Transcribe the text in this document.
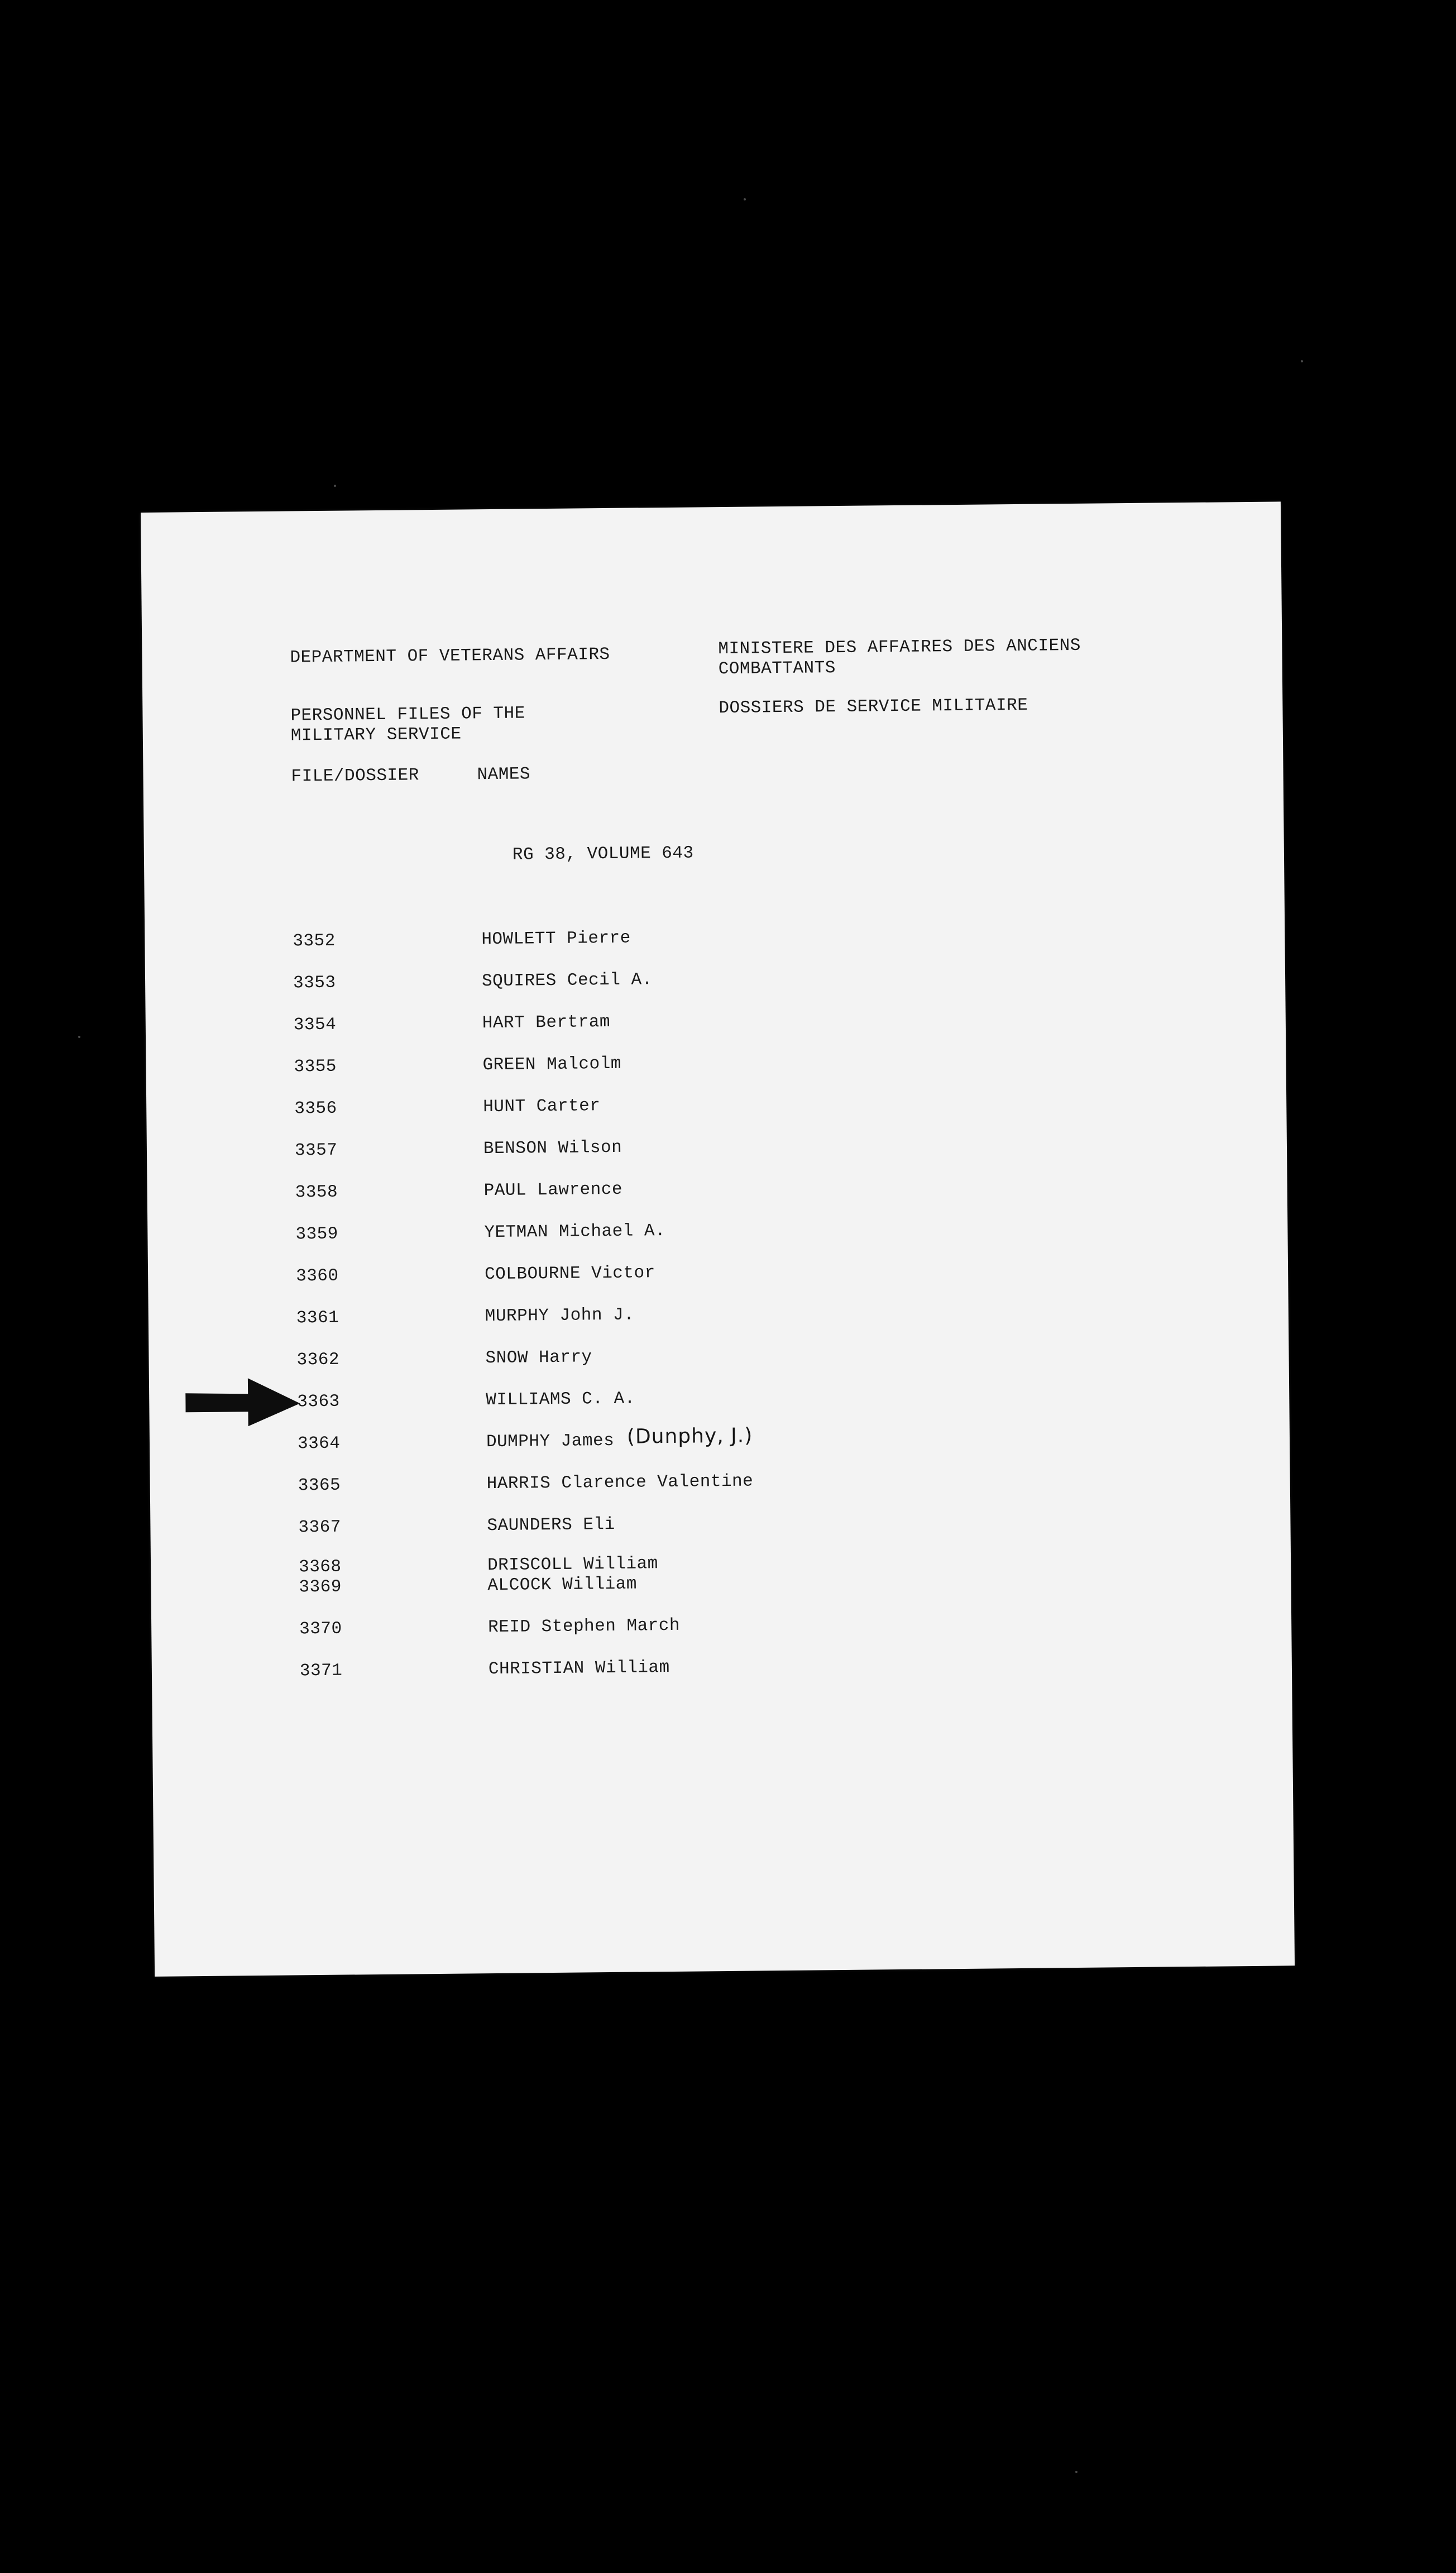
DEPARTMENT OF VETERANS AFFAIRS	MINISTERE DES AFFAIRES DES ANCIENS
COMBATTANTS
PERSONNEL FILES OF THE
MILITARY SERVICE
DOSSIERS DE SERVICE MILITAIRE
FILE/DOSSIER	NAMES
RG 38, VOLUME 643
3352	HOWLETT Pierre
3353	SQUIRES Cecil A.
3354	HART Bertram
3355	GREEN Malcolm
3356	HUNT Carter
3357	BENSON Wilson
3358	PAUL Lawrence
3359	YETMAN Michael A.
3360	COLBOURNE Victor
3361	MURPHY John J.
3362	SNOW Harry
3363	WILLIAMS C. A.
3364	DUMPHY James (Dunphy, J.)
3365	HARRIS Clarence Valentine
3367	SAUNDERS Eli
3368	DRISCOLL William
3369	ALCOCK William
3370	REID Stephen March
3371	CHRISTIAN William
